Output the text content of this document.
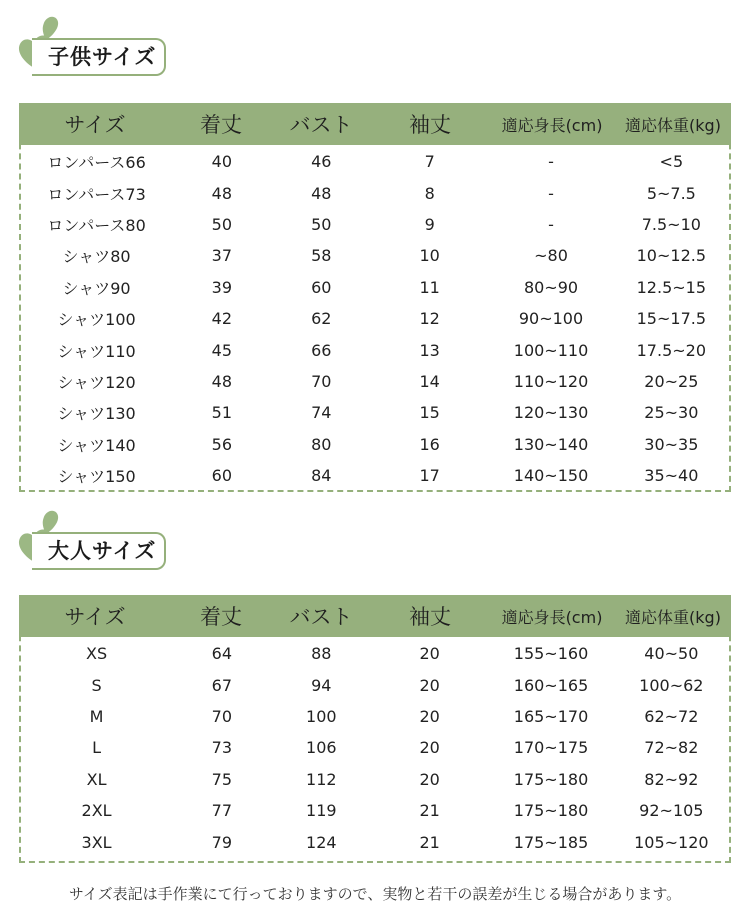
子供サイズ
サイズ	着丈	バスト	袖丈	適応身長(cm)	適応体重(kg)
ロンパース66	40	46	7	-	<5
ロンパース73	48	48	8	-	5~7.5
ロンパース80	50	50	9	-	7.5~10
シャツ80	37	58	10	~80	10~12.5
シャツ90	39	60	11	80~90	12.5~15
シャツ100	42	62	12	90~100	15~17.5
シャツ110	45	66	13	100~110	17.5~20
シャツ120	48	70	14	110~120	20~25
シャツ130	51	74	15	120~130	25~30
シャツ140	56	80	16	130~140	30~35
シャツ150	60	84	17	140~150	35~40
大人サイズ
サイズ	着丈	バスト	袖丈	適応身長(cm)	適応体重(kg)
XS	64	88	20	155~160	40~50
S	67	94	20	160~165	100~62
M	70	100	20	165~170	62~72
L	73	106	20	170~175	72~82
XL	75	112	20	175~180	82~92
2XL	77	119	21	175~180	92~105
3XL	79	124	21	175~185	105~120
サイズ表記は手作業にて行っておりますので、実物と若干の誤差が生じる場合があります。
